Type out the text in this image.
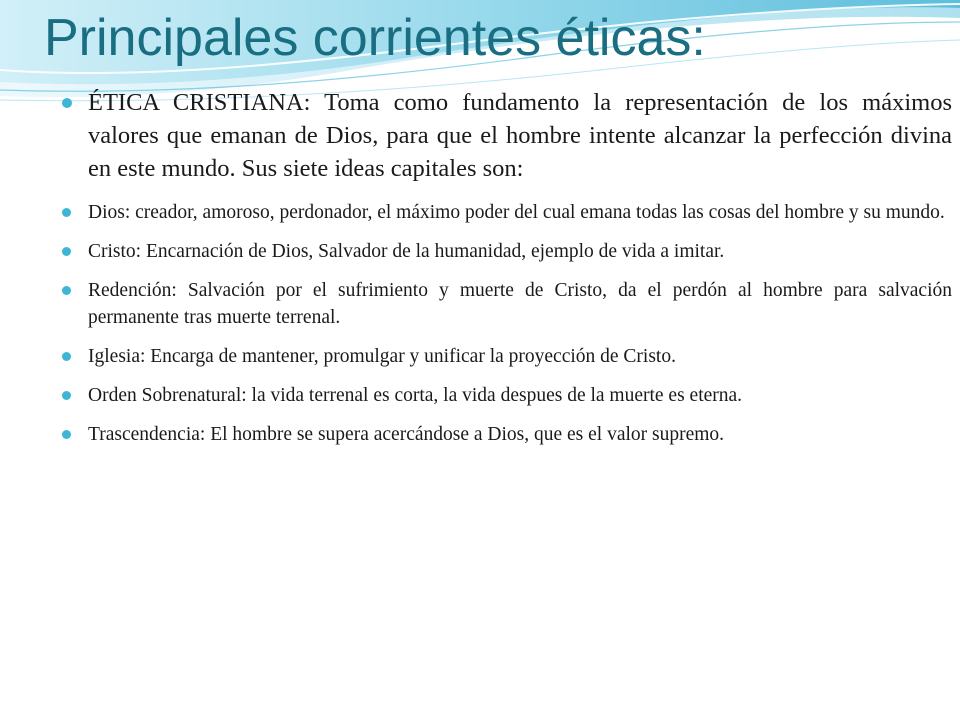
Principales corrientes éticas:
ÉTICA CRISTIANA: Toma como fundamento la representación de los máximos valores que emanan de Dios, para que el hombre intente alcanzar la perfección divina en este mundo. Sus siete ideas capitales son:
Dios: creador, amoroso, perdonador, el máximo poder del cual emana todas las cosas del hombre y su mundo.
Cristo: Encarnación de Dios, Salvador de la humanidad, ejemplo de vida a imitar.
Redención: Salvación por el sufrimiento y muerte de Cristo, da el perdón al hombre para salvación permanente tras muerte terrenal.
Iglesia: Encarga de mantener, promulgar y unificar la proyección de Cristo.
Orden Sobrenatural: la vida terrenal es corta, la vida despues de la muerte es eterna.
Trascendencia: El hombre se supera acercándose a Dios, que es el valor supremo.
